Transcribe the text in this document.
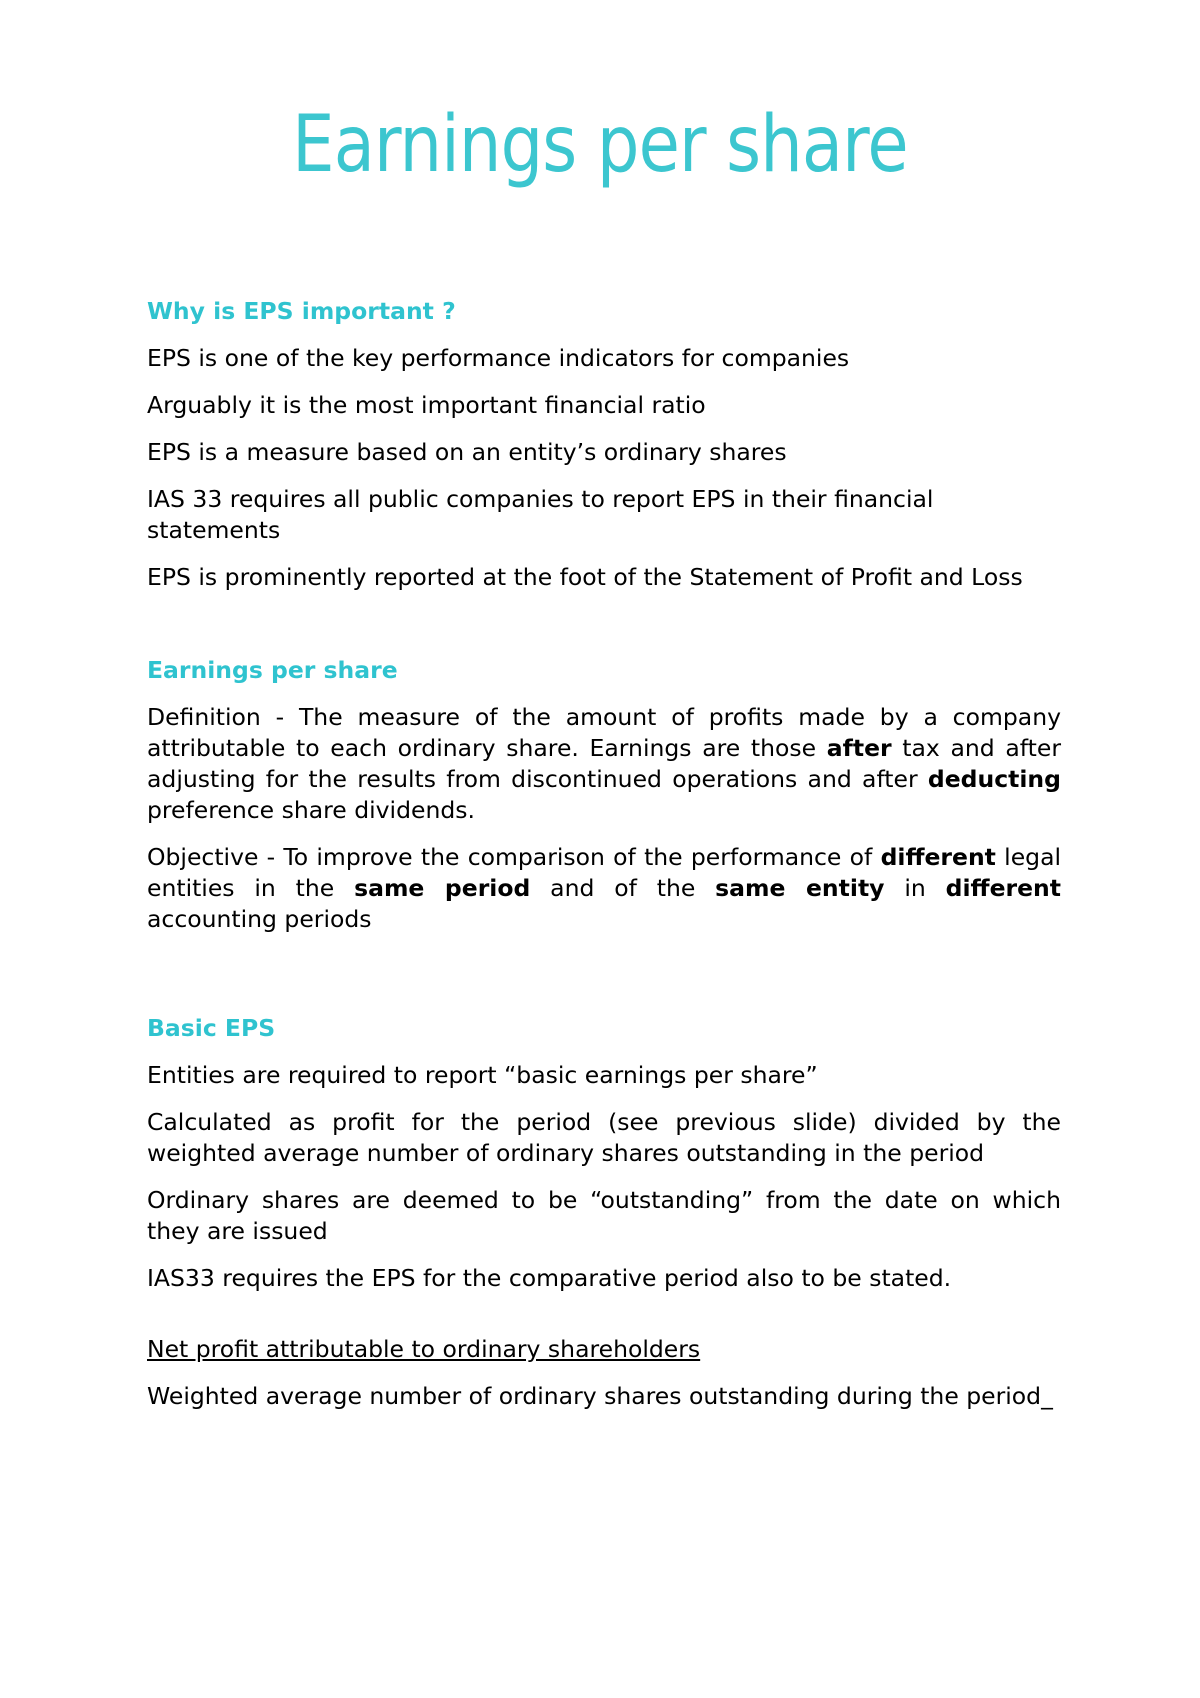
Earnings per share
Why is EPS important ?

EPS is one of the key performance indicators for companies

Arguably it is the most important financial ratio

EPS is a measure based on an entity’s ordinary shares

IAS 33 requires all public companies to report EPS in their financial statements

EPS is prominently reported at the foot of the Statement of Profit and Loss

Earnings per share

Definition - The measure of the amount of profits made by a company attributable to each ordinary share. Earnings are those after tax and after adjusting for the results from discontinued operations and after deducting preference share dividends.

Objective - To improve the comparison of the performance of different legal entities in the same period and of the same entity in different accounting periods

Basic EPS

Entities are required to report “basic earnings per share”

Calculated as profit for the period (see previous slide) divided by the weighted average number of ordinary shares outstanding in the period

Ordinary shares are deemed to be “outstanding” from the date on which they are issued

IAS33 requires the EPS for the comparative period also to be stated.

Net profit attributable to ordinary shareholders

Weighted average number of ordinary shares outstanding during the period_
